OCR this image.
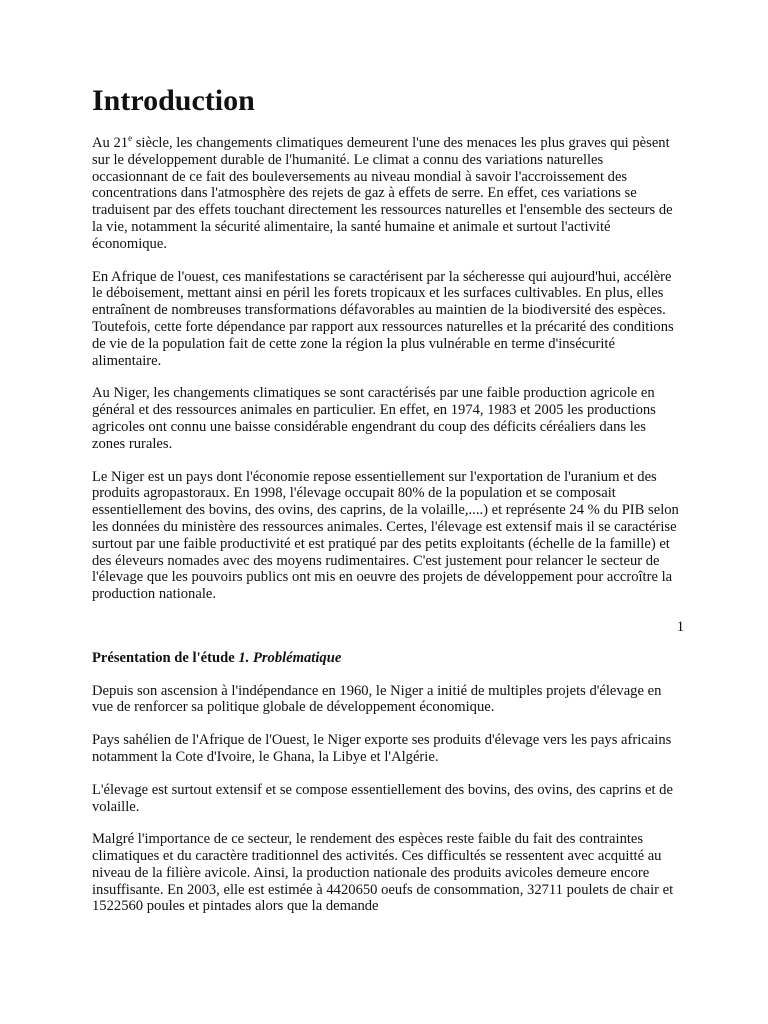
Introduction

Au 21e siècle, les changements climatiques demeurent l'une des menaces les plus graves qui pèsent sur le développement durable de l'humanité. Le climat a connu des variations naturelles occasionnant de ce fait des bouleversements au niveau mondial à savoir l'accroissement des concentrations dans l'atmosphère des rejets de gaz à effets de serre. En effet, ces variations se traduisent par des effets touchant directement les ressources naturelles et l'ensemble des secteurs de la vie, notamment la sécurité alimentaire, la santé humaine et animale et surtout l'activité économique.

En Afrique de l'ouest, ces manifestations se caractérisent par la sécheresse qui aujourd'hui, accélère le déboisement, mettant ainsi en péril les forets tropicaux et les surfaces cultivables. En plus, elles entraînent de nombreuses transformations défavorables au maintien de la biodiversité des espèces. Toutefois, cette forte dépendance par rapport aux ressources naturelles et la précarité des conditions de vie de la population fait de cette zone la région la plus vulnérable en terme d'insécurité alimentaire.

Au Niger, les changements climatiques se sont caractérisés par une faible production agricole en général et des ressources animales en particulier. En effet, en 1974, 1983 et 2005 les productions agricoles ont connu une baisse considérable engendrant du coup des déficits céréaliers dans les zones rurales.

Le Niger est un pays dont l'économie repose essentiellement sur l'exportation de l'uranium et des produits agropastoraux. En 1998, l'élevage occupait 80% de la population et se composait essentiellement des bovins, des ovins, des caprins, de la volaille,....) et représente 24 % du PIB selon les données du ministère des ressources animales. Certes, l'élevage est extensif mais il se caractérise surtout par une faible productivité et est pratiqué par des petits exploitants (échelle de la famille) et des éleveurs nomades avec des moyens rudimentaires. C'est justement pour relancer le secteur de l'élevage que les pouvoirs publics ont mis en oeuvre des projets de développement pour accroître la production nationale.

1
Présentation de l'étude 1. Problématique

Depuis son ascension à l'indépendance en 1960, le Niger a initié de multiples projets d'élevage en vue de renforcer sa politique globale de développement économique.

Pays sahélien de l'Afrique de l'Ouest, le Niger exporte ses produits d'élevage vers les pays africains notamment la Cote d'Ivoire, le Ghana, la Libye et l'Algérie.

L'élevage est surtout extensif et se compose essentiellement des bovins, des ovins, des caprins et de volaille.

Malgré l'importance de ce secteur, le rendement des espèces reste faible du fait des contraintes climatiques et du caractère traditionnel des activités. Ces difficultés se ressentent avec acquitté au niveau de la filière avicole. Ainsi, la production nationale des produits avicoles demeure encore insuffisante. En 2003, elle est estimée à 4420650 oeufs de consommation, 32711 poulets de chair et 1522560 poules et pintades alors que la demande
